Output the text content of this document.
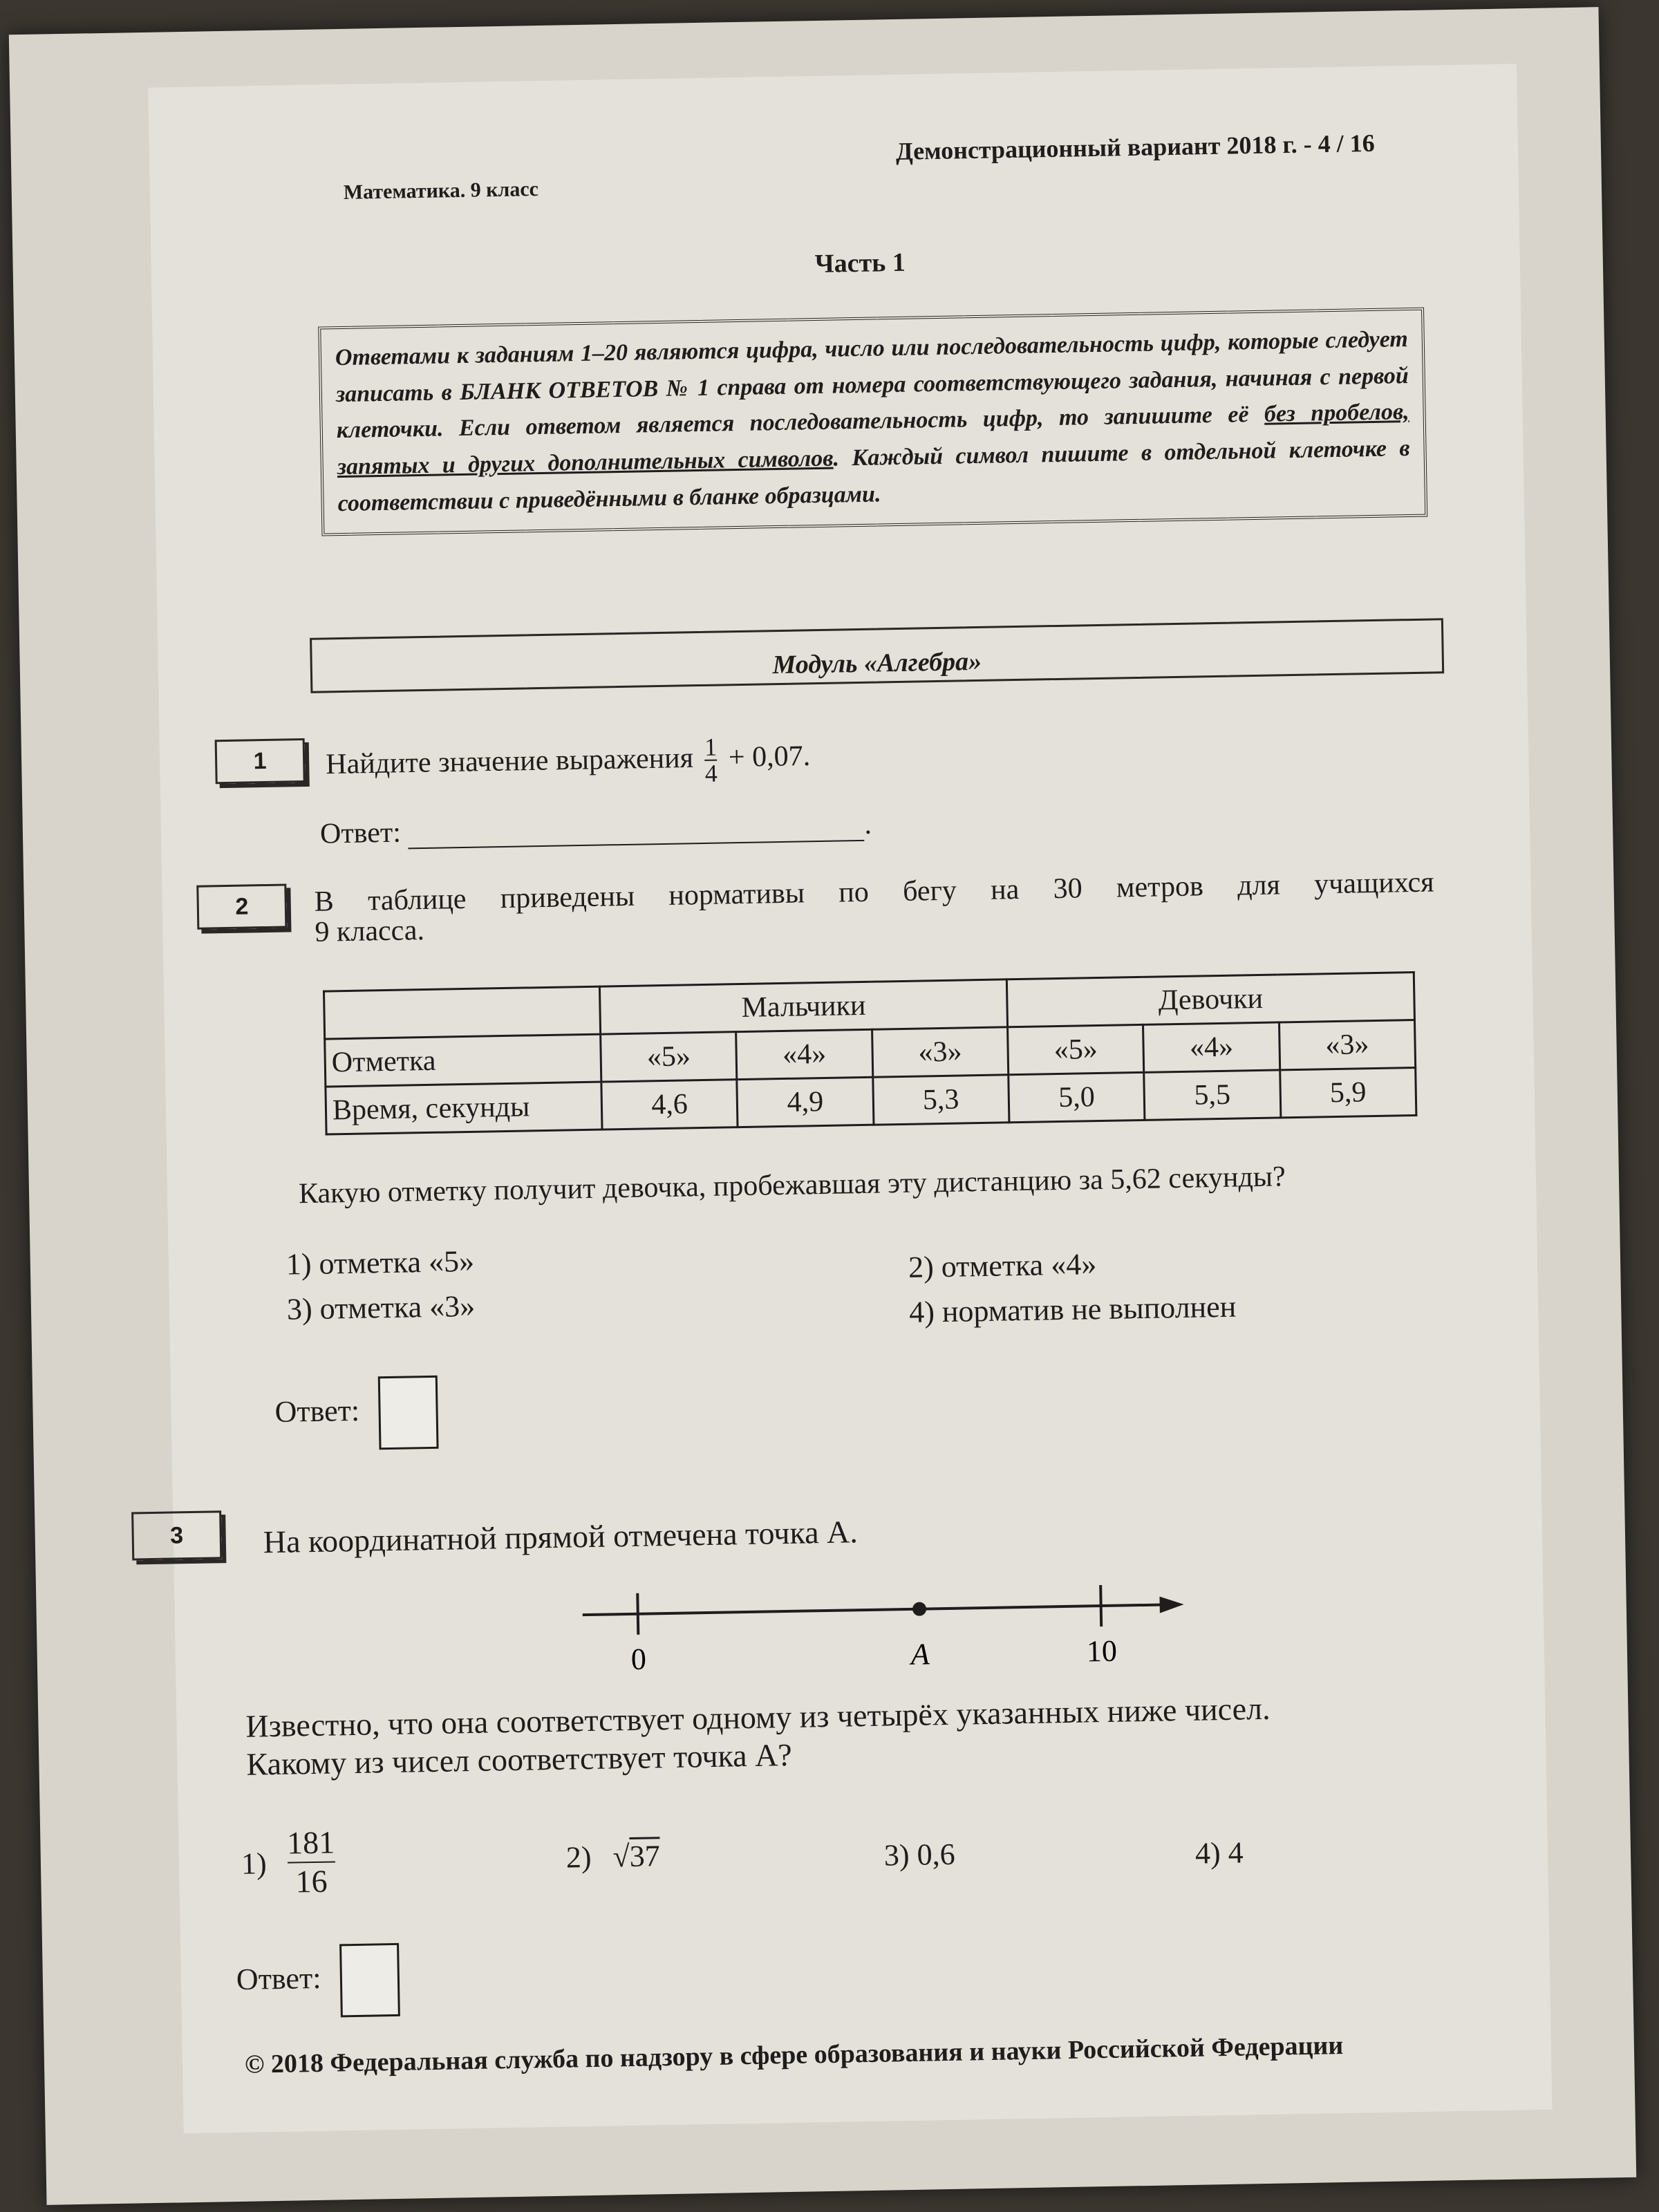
Математика. 9 класс
Демонстрационный вариант 2018 г. - 4 / 16
Часть 1
Ответами к заданиям 1–20 являются цифра, число или последовательность цифр, которые следует записать в БЛАНК ОТВЕТОВ № 1 справа от номера соответствующего задания, начиная с первой клеточки. Если ответом является последовательность цифр, то запишите её без пробелов, запятых и других дополнительных символов. Каждый символ пишите в отдельной клеточке в соответствии с приведёнными в бланке образцами.
Модуль «Алгебра»
1 Найдите значение выражения $\frac{1}{4} + 0,07$.
Ответ:	.
2 В таблице приведены нормативы по бегу на 30 метров для учащихся
9 класса.
	Мальчики			Девочки		
Отметка	«5»	«4»	«3»	«5»	«4»	«3»
Время, секунды	4,6	4,9	5,3	5,0	5,5	5,9
Какую отметку получит девочка, пробежавшая эту дистанцию за 5,62 секунды?
1) отметка «5»	2) отметка «4»
3) отметка «3»	4) норматив не выполнен
Ответ:
3 На координатной прямой отмечена точка A.
0	A	10
Известно, что она соответствует одному из четырёх указанных ниже чисел.
Какому из чисел соответствует точка A?
$1) \frac{181}{16}$	2) √37	3) 0,6	4) 4
Ответ:
© 2018 Федеральная служба по надзору в сфере образования и науки Российской Федерации
